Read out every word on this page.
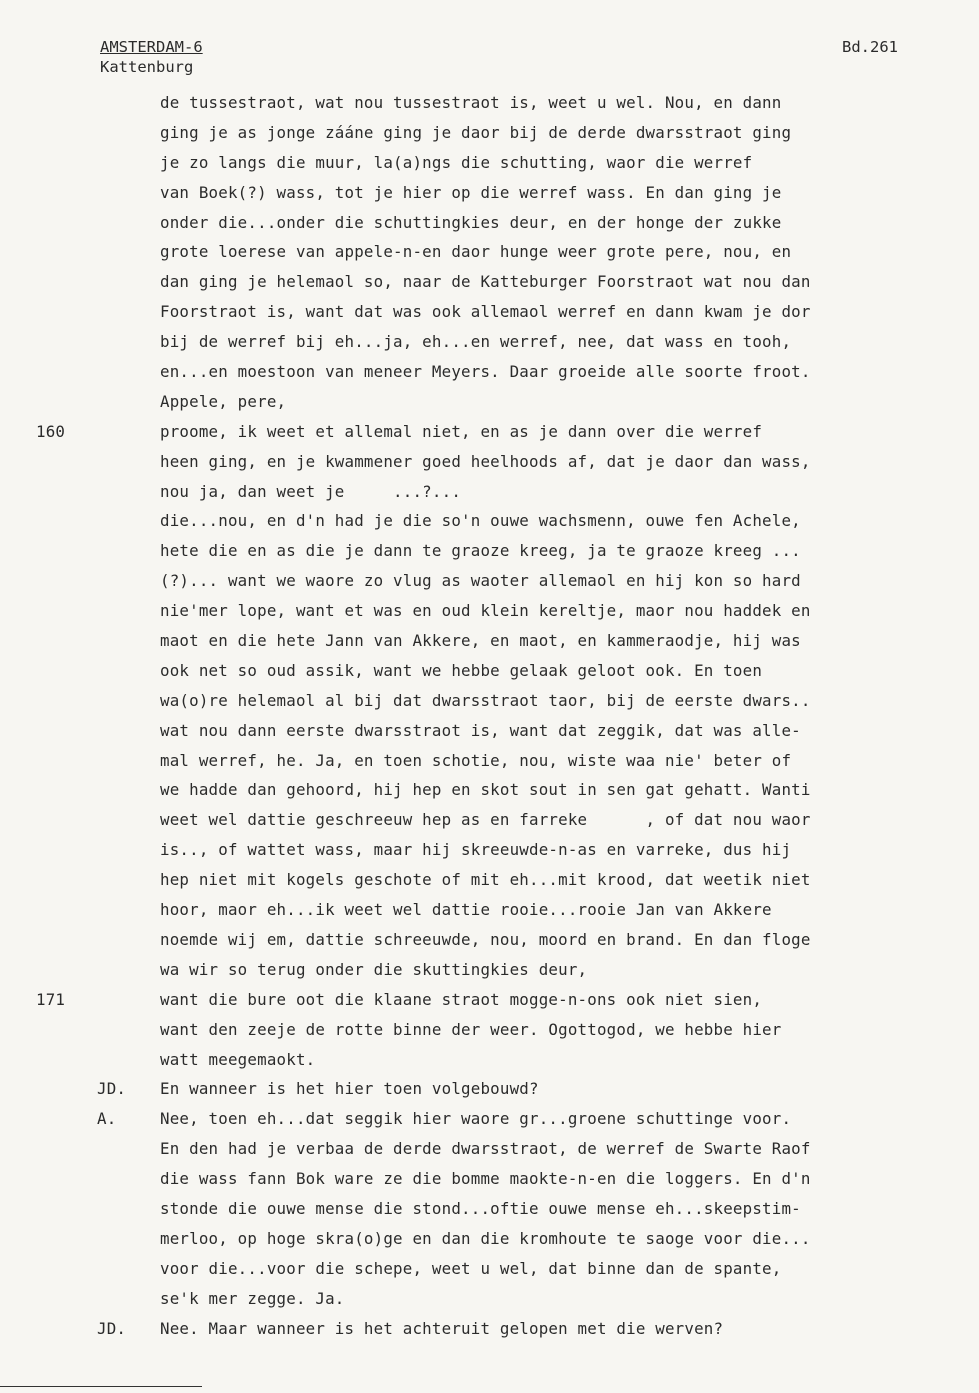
AMSTERDAM-6
Kattenburg
Bd.261
de tussestraot, wat nou tussestraot is, weet u wel. Nou, en dann
ging je as jonge zááne ging je daor bij de derde dwarsstraot ging
je zo langs die muur, la(a)ngs die schutting, waor die werref
van Boek(?) wass, tot je hier op die werref wass. En dan ging je
onder die...onder die schuttingkies deur, en der honge der zukke
grote loerese van appele-n-en daor hunge weer grote pere, nou, en
dan ging je helemaol so, naar de Katteburger Foorstraot wat nou dan
Foorstraot is, want dat was ook allemaol werref en dann kwam je dor
bij de werref bij eh...ja, eh...en werref, nee, dat wass en tooh,
en...en moestoon van meneer Meyers. Daar groeide alle soorte froot.
Appele, pere,
160	proome, ik weet et allemal niet, en as je dann over die werref
heen ging, en je kwammener goed heelhoods af, dat je daor dan wass,
nou ja, dan weet je     ...?...
die...nou, en d'n had je die so'n ouwe wachsmenn, ouwe fen Achele,
hete die en as die je dann te graoze kreeg, ja te graoze kreeg ...
(?)... want we waore zo vlug as waoter allemaol en hij kon so hard
nie'mer lope, want et was en oud klein kereltje, maor nou haddek en
maot en die hete Jann van Akkere, en maot, en kammeraodje, hij was
ook net so oud assik, want we hebbe gelaak geloot ook. En toen
wa(o)re helemaol al bij dat dwarsstraot taor, bij de eerste dwars..
wat nou dann eerste dwarsstraot is, want dat zeggik, dat was alle-
mal werref, he. Ja, en toen schotie, nou, wiste waa nie' beter of
we hadde dan gehoord, hij hep en skot sout in sen gat gehatt. Wanti
weet wel dattie geschreeuw hep as en farreke      , of dat nou waor
is.., of wattet wass, maar hij skreeuwde-n-as en varreke, dus hij
hep niet mit kogels geschote of mit eh...mit krood, dat weetik niet
hoor, maor eh...ik weet wel dattie rooie...rooie Jan van Akkere
noemde wij em, dattie schreeuwde, nou, moord en brand. En dan floge
wa wir so terug onder die skuttingkies deur,
171	want die bure oot die klaane straot mogge-n-ons ook niet sien,
want den zeeje de rotte binne der weer. Ogottogod, we hebbe hier
watt meegemaokt.
JD. En wanneer is het hier toen volgebouwd?
A.	Nee, toen eh...dat seggik hier waore gr...groene schuttinge voor.
En den had je verbaa de derde dwarsstraot, de werref de Swarte Raof
die wass fann Bok ware ze die bomme maokte-n-en die loggers. En d'n
stonde die ouwe mense die stond...oftie ouwe mense eh...skeepstim-
merloo, op hoge skra(o)ge en dan die kromhoute te saoge voor die...
voor die...voor die schepe, weet u wel, dat binne dan de spante,
se'k mer zegge. Ja.
JD. Nee. Maar wanneer is het achteruit gelopen met die werven?
